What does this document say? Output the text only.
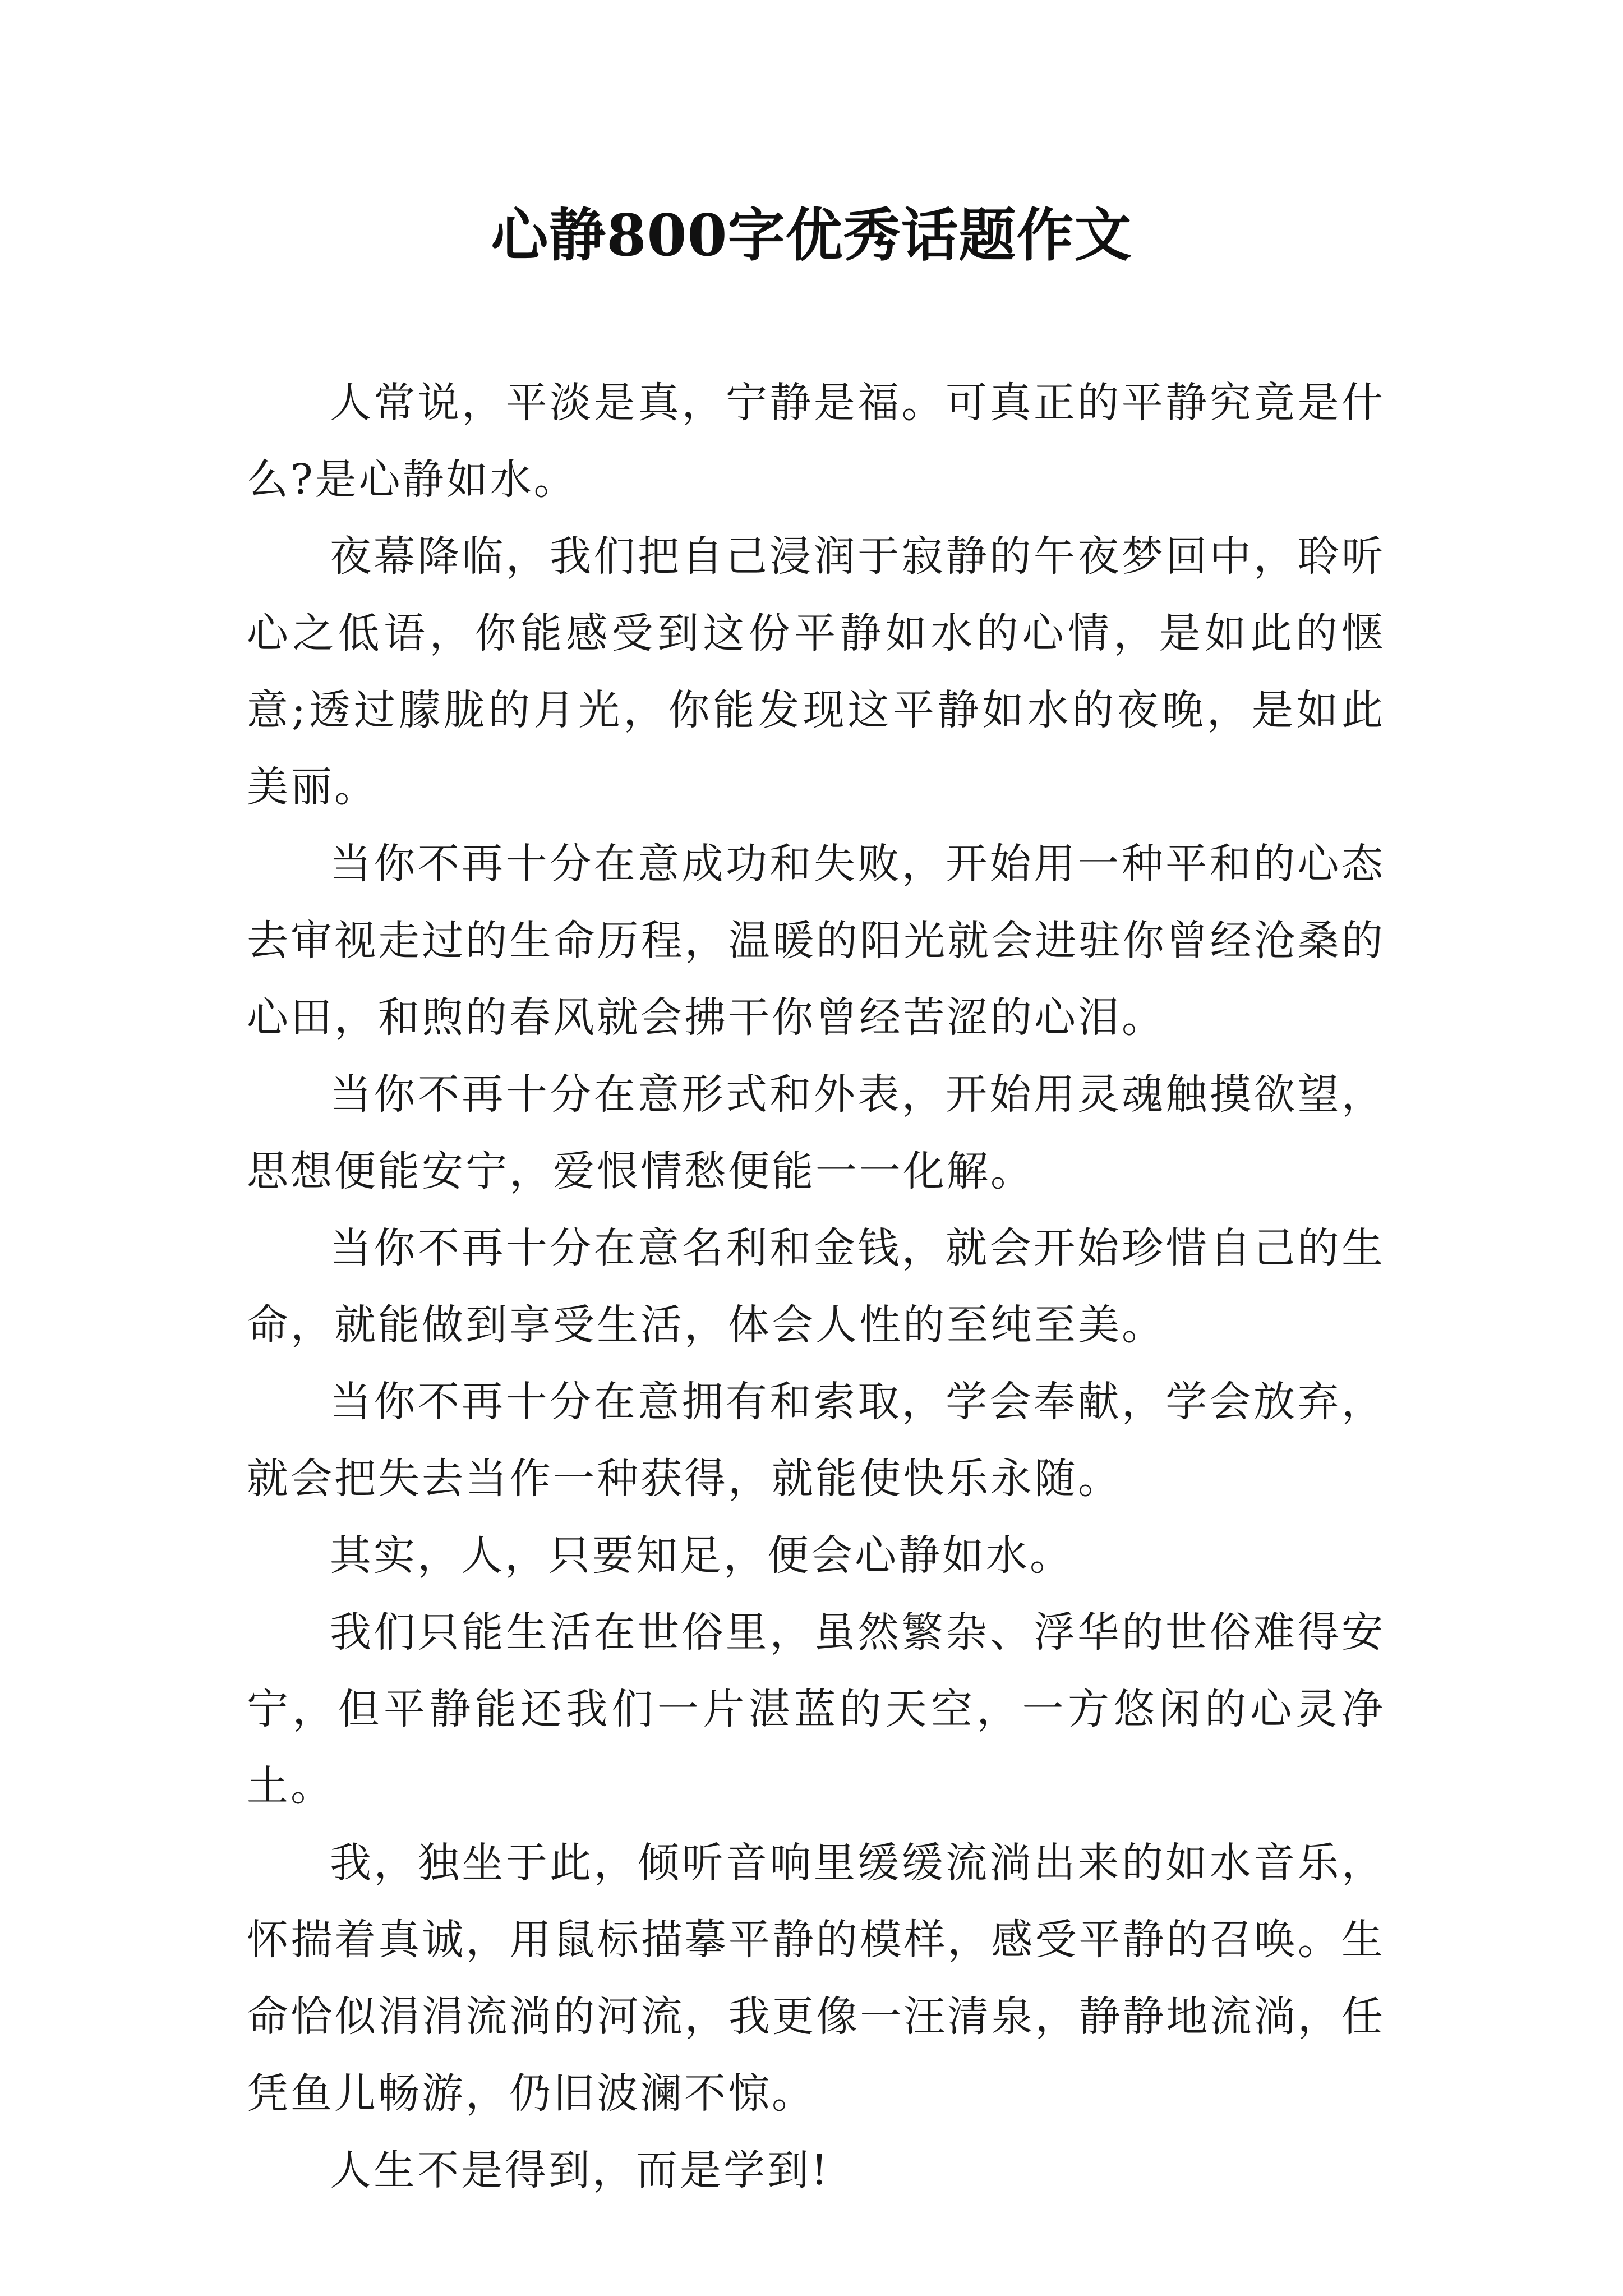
心静800字优秀话题作文

人常说，平淡是真，宁静是福。可真正的平静究竟是什么?是心静如水。

夜幕降临，我们把自己浸润于寂静的午夜梦回中，聆听心之低语，你能感受到这份平静如水的心情，是如此的惬意;透过朦胧的月光，你能发现这平静如水的夜晚，是如此美丽。

当你不再十分在意成功和失败，开始用一种平和的心态去审视走过的生命历程，温暖的阳光就会进驻你曾经沧桑的心田，和煦的春风就会拂干你曾经苦涩的心泪。

当你不再十分在意形式和外表，开始用灵魂触摸欲望，思想便能安宁，爱恨情愁便能一一化解。

当你不再十分在意名利和金钱，就会开始珍惜自己的生命，就能做到享受生活，体会人性的至纯至美。

当你不再十分在意拥有和索取，学会奉献，学会放弃，就会把失去当作一种获得，就能使快乐永随。

其实，人，只要知足，便会心静如水。

我们只能生活在世俗里，虽然繁杂、浮华的世俗难得安宁，但平静能还我们一片湛蓝的天空，一方悠闲的心灵净土。

我，独坐于此，倾听音响里缓缓流淌出来的如水音乐，怀揣着真诚，用鼠标描摹平静的模样，感受平静的召唤。生命恰似涓涓流淌的河流，我更像一汪清泉，静静地流淌，任凭鱼儿畅游，仍旧波澜不惊。

人生不是得到，而是学到!
